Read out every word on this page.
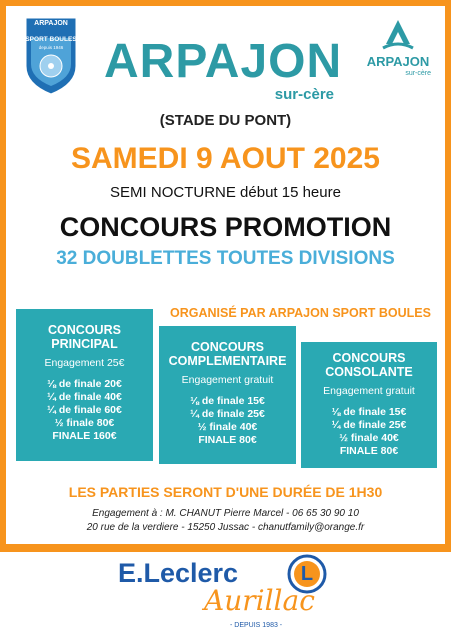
ARPAJON
SPORT BOULES
depuis 1946 ARPAJON
sur-cère
(STADE DU PONT)
ARPAJON
sur-cère
SAMEDI 9 AOUT 2025
SEMI NOCTURNE début 15 heure
CONCOURS PROMOTION
32 DOUBLETTES TOUTES DIVISIONS
ORGANISÉ PAR ARPAJON SPORT BOULES
CONCOURS
PRINCIPAL
Engagement 25€
⅛ de finale 20€
¼ de finale 40€
¼ de finale 60€
½ finale 80€
FINALE 160€
CONCOURS
COMPLEMENTAIRE
Engagement gratuit
⅛ de finale 15€
¼ de finale 25€
½ finale 40€
FINALE 80€
CONCOURS
CONSOLANTE
Engagement gratuit
⅛ de finale 15€
¼ de finale 25€
½ finale 40€
FINALE 80€
LES PARTIES SERONT D'UNE DURÉE DE 1H30
Engagement à : M. CHANUT Pierre Marcel - 06 65 30 90 10
20 rue de la verdiere - 15250 Jussac - chanutfamily@orange.fr
E.Leclerc	L
Aurillac
- DEPUIS 1983 -
